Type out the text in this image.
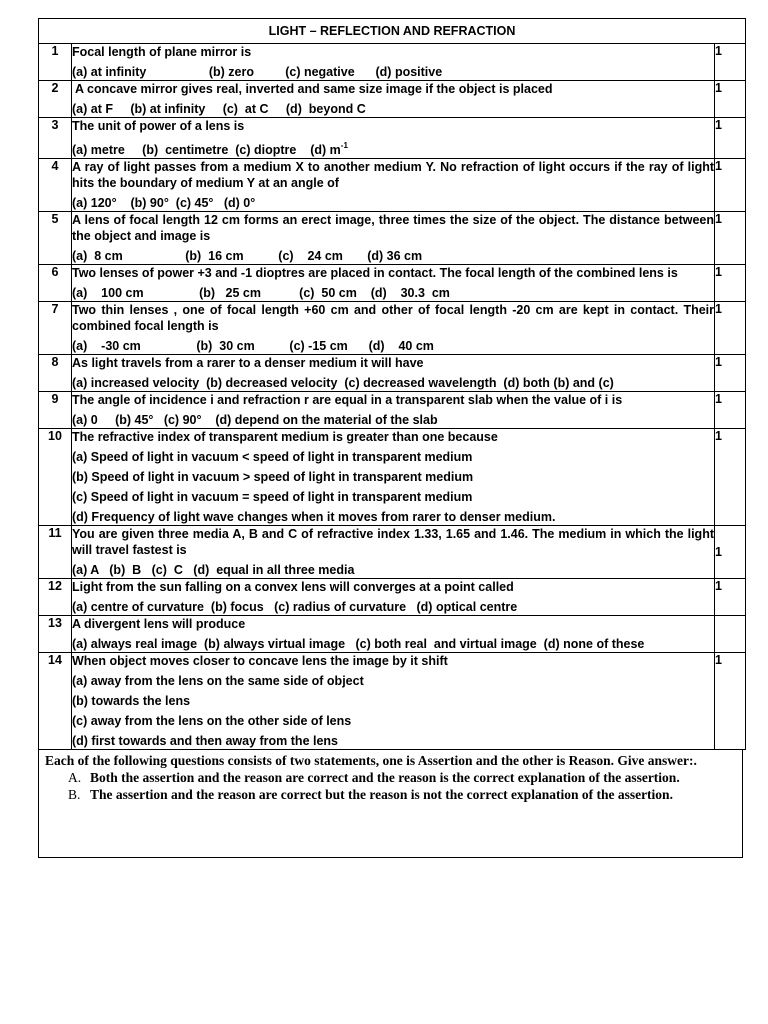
LIGHT – REFLECTION AND REFRACTION		
1	Focal length of plane mirror is
(a) at infinity                  (b) zero         (c) negative      (d) positive	1
2	A concave mirror gives real, inverted and same size image if the object is placed
(a) at F     (b) at infinity     (c)  at C     (d)  beyond C	1
3	The unit of power of a lens is
(a) metre     (b)  centimetre  (c) dioptre    (d) $m^{-1}$	1
4	A ray of light passes from a medium X to another medium Y. No refraction of light occurs if the ray of light hits the boundary of medium Y at an angle of
(a) 120°    (b) 90°  (c) 45°   (d) 0°	1
5	A lens of focal length 12 cm forms an erect image, three times the size of the object. The distance between the object and image is
(a)  8 cm                  (b)  16 cm          (c)    24 cm       (d) 36 cm	1
6	Two lenses of power +3 and -1 dioptres are placed in contact. The focal length of the combined lens is
(a)    100 cm                (b)   25 cm           (c)  50 cm    (d)    30.3  cm	1
7	Two thin lenses , one of focal length +60 cm and other of focal length -20 cm are kept in contact. Their combined focal length is
(a)    -30 cm                (b)  30 cm          (c) -15 cm      (d)    40 cm	1
8	As light travels from a rarer to a denser medium it will have
(a) increased velocity  (b) decreased velocity  (c) decreased wavelength  (d) both (b) and (c)	1
9	The angle of incidence i and refraction r are equal in a transparent slab when the value of i is
(a) 0     (b) 45°   (c) 90°    (d) depend on the material of the slab	1
10	The refractive index of transparent medium is greater than one because
(a) Speed of light in vacuum < speed of light in transparent medium
(b) Speed of light in vacuum > speed of light in transparent medium
(c) Speed of light in vacuum = speed of light in transparent medium
(d) Frequency of light wave changes when it moves from rarer to denser medium.	1
11	You are given three media A, B and C of refractive index 1.33, 1.65 and 1.46. The medium in which the light will travel fastest is
(a) A   (b)  B   (c)  C   (d)  equal in all three media	1
12	Light from the sun falling on a convex lens will converges at a point called
(a) centre of curvature  (b) focus   (c) radius of curvature   (d) optical centre	1
13	A divergent lens will produce
(a) always real image  (b) always virtual image   (c) both real  and virtual image  (d) none of these	

14	When object moves closer to concave lens the image by it shift
(a) away from the lens on the same side of object
(b) towards the lens
(c) away from the lens on the other side of lens
(d) first towards and then away from the lens	1
Each of the following questions consists of two statements, one is Assertion and the other is Reason. Give answer:.
A. Both the assertion and the reason are correct and the reason is the correct explanation of the assertion.
B. The assertion and the reason are correct but the reason is not the correct explanation of the assertion.
